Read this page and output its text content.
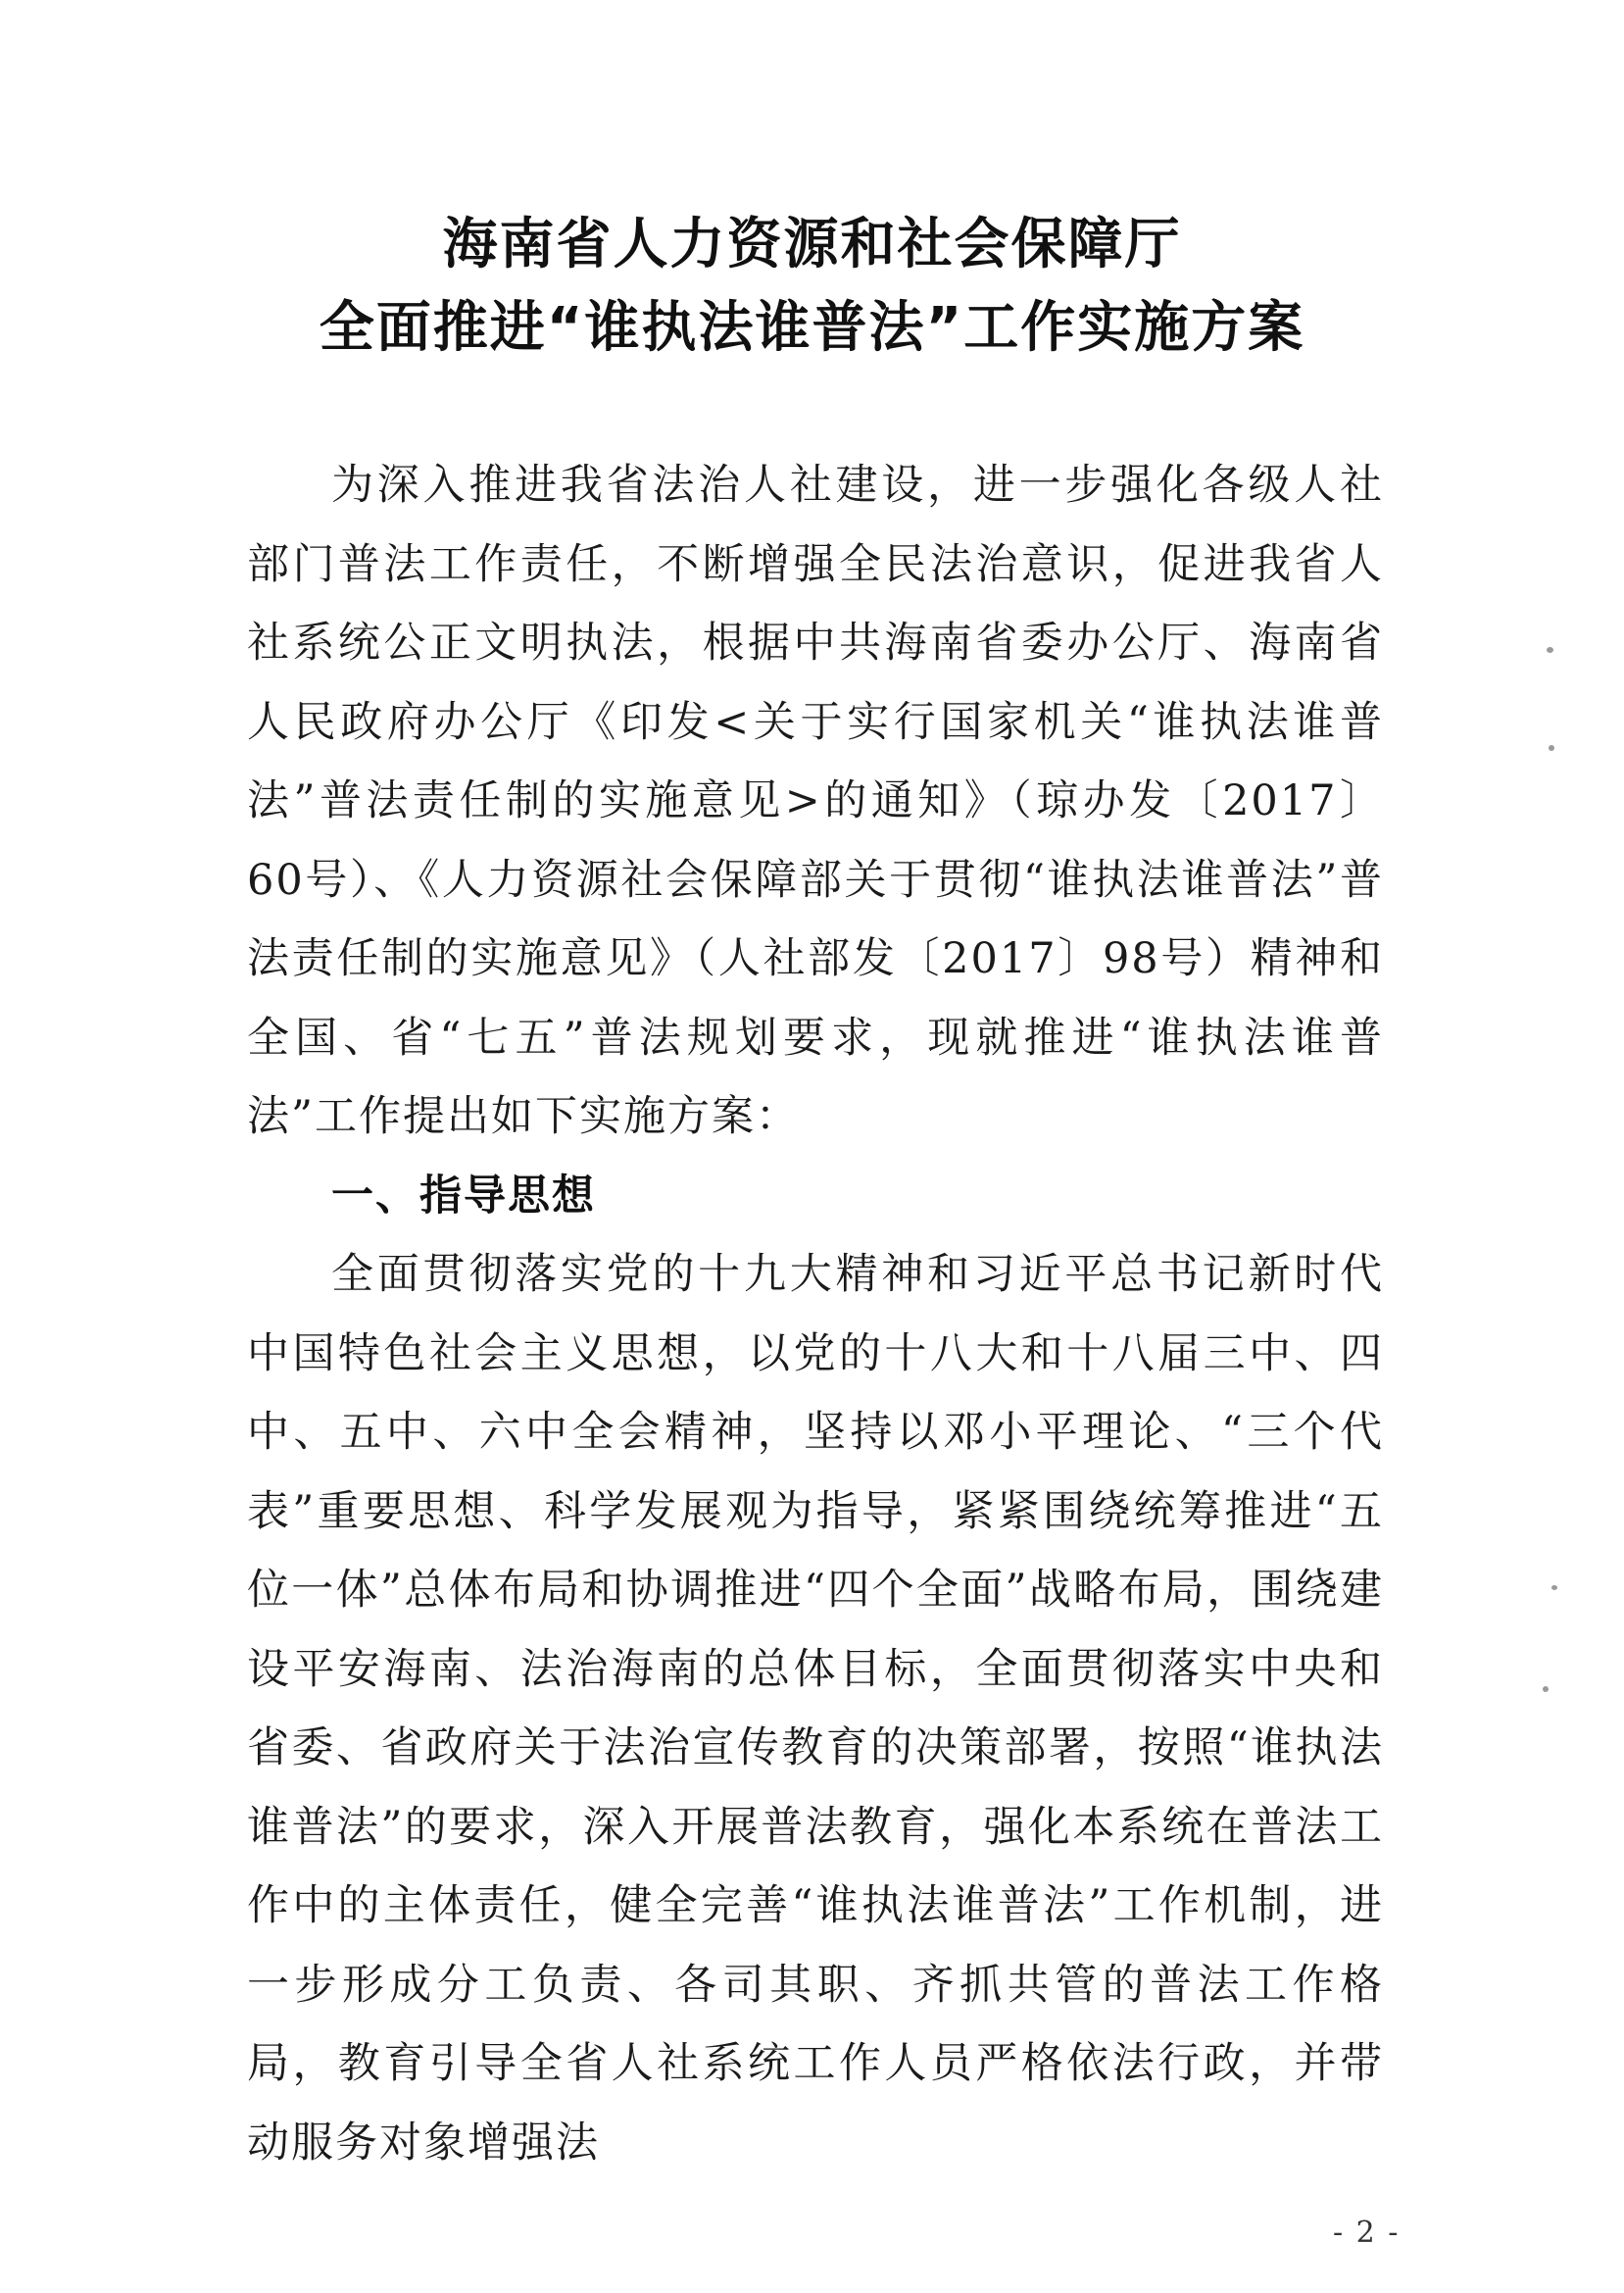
海南省人力资源和社会保障厅
全面推进“谁执法谁普法”工作实施方案

为深入推进我省法治人社建设，进一步强化各级人社部门普法工作责任，不断增强全民法治意识，促进我省人社系统公正文明执法，根据中共海南省委办公厅、海南省人民政府办公厅《印发<关于实行国家机关“谁执法谁普法”普法责任制的实施意见>的通知》（琼办发〔2017〕60号）、《人力资源社会保障部关于贯彻“谁执法谁普法”普法责任制的实施意见》（人社部发〔2017〕98号）精神和全国、省“七五”普法规划要求，现就推进“谁执法谁普法”工作提出如下实施方案：

一、指导思想

全面贯彻落实党的十九大精神和习近平总书记新时代中国特色社会主义思想，以党的十八大和十八届三中、四中、五中、六中全会精神，坚持以邓小平理论、“三个代表”重要思想、科学发展观为指导，紧紧围绕统筹推进“五位一体”总体布局和协调推进“四个全面”战略布局，围绕建设平安海南、法治海南的总体目标，全面贯彻落实中央和省委、省政府关于法治宣传教育的决策部署，按照“谁执法谁普法”的要求，深入开展普法教育，强化本系统在普法工作中的主体责任，健全完善“谁执法谁普法”工作机制，进一步形成分工负责、各司其职、齐抓共管的普法工作格局，教育引导全省人社系统工作人员严格依法行政，并带动服务对象增强法

- 2 -
